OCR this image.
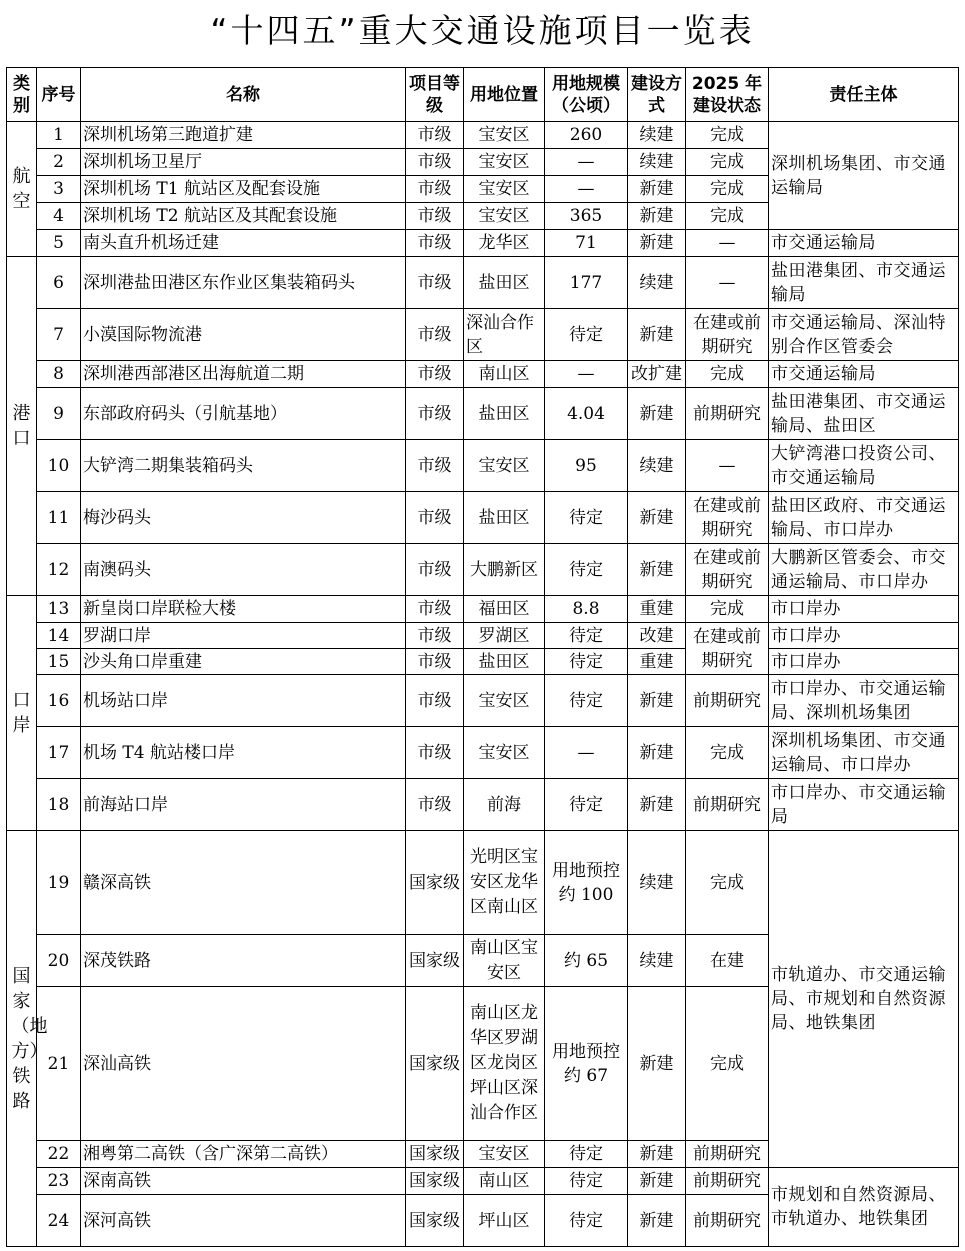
“十四五”重大交通设施项目一览表
类别	序号	名称	项目等级	用地位置	用地规模（公顷）	建设方式	2025 年建设状态	责任主体
航空	1	深圳机场第三跑道扩建	市级	宝安区	260	续建	完成	深圳机场集团、市交通运输局
	2	深圳机场卫星厅	市级	宝安区	—	续建	完成	
	3	深圳机场 T1 航站区及配套设施	市级	宝安区	—	新建	完成	
	4	深圳机场 T2 航站区及其配套设施	市级	宝安区	365	新建	完成	
	5	南头直升机场迁建	市级	龙华区	71	新建	—	市交通运输局
港口	6	深圳港盐田港区东作业区集装箱码头	市级	盐田区	177	续建	—	盐田港集团、市交通运输局
	7	小漠国际物流港	市级	深汕合作区	待定	新建	在建或前期研究	市交通运输局、深汕特别合作区管委会
	8	深圳港西部港区出海航道二期	市级	南山区	—	改扩建	完成	市交通运输局
	9	东部政府码头（引航基地）	市级	盐田区	4.04	新建	前期研究	盐田港集团、市交通运输局、盐田区
	10	大铲湾二期集装箱码头	市级	宝安区	95	续建	—	大铲湾港口投资公司、市交通运输局
	11	梅沙码头	市级	盐田区	待定	新建	在建或前期研究	盐田区政府、市交通运输局、市口岸办
	12	南澳码头	市级	大鹏新区	待定	新建	在建或前期研究	大鹏新区管委会、市交通运输局、市口岸办
口岸	13	新皇岗口岸联检大楼	市级	福田区	8.8	重建	完成	市口岸办
	14	罗湖口岸	市级	罗湖区	待定	改建	在建或前期研究	市口岸办
	15	沙头角口岸重建	市级	盐田区	待定	重建		市口岸办
	16	机场站口岸	市级	宝安区	待定	新建	前期研究	市口岸办、市交通运输局、深圳机场集团
	17	机场 T4 航站楼口岸	市级	宝安区	—	新建	完成	深圳机场集团、市交通运输局、市口岸办
	18	前海站口岸	市级	前海	待定	新建	前期研究	市口岸办、市交通运输局
国家（地方）铁路	19	赣深高铁	国家级	光明区宝安区龙华区南山区	用地预控约 100	续建	完成	市轨道办、市交通运输局、市规划和自然资源局、地铁集团
	20	深茂铁路	国家级	南山区宝安区	约 65	续建	在建	
	21	深汕高铁	国家级	南山区龙华区罗湖区龙岗区坪山区深汕合作区	用地预控约 67	新建	完成	
	22	湘粤第二高铁（含广深第二高铁）	国家级	宝安区	待定	新建	前期研究	
	23	深南高铁	国家级	南山区	待定	新建	前期研究	市规划和自然资源局、市轨道办、地铁集团
	24	深河高铁	国家级	坪山区	待定	新建	前期研究	
